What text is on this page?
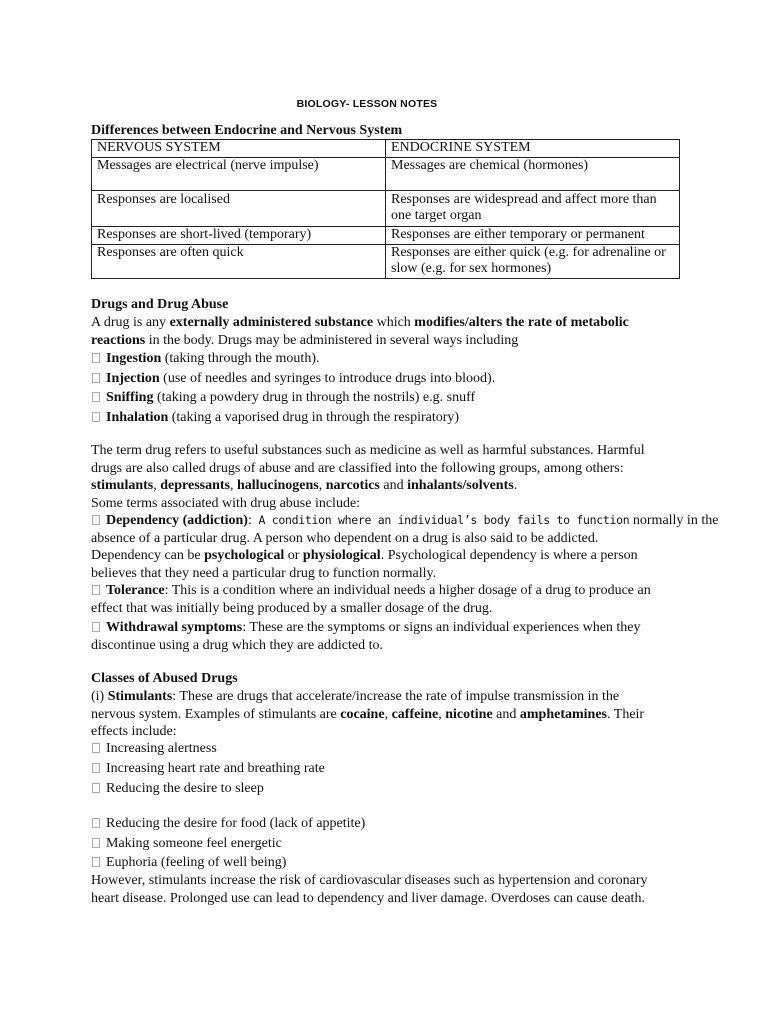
BIOLOGY- LESSON NOTES
Differences between Endocrine and Nervous System
NERVOUS SYSTEM	ENDOCRINE SYSTEM
Messages are electrical (nerve impulse)	Messages are chemical (hormones)
Responses are localised	Responses are widespread and affect more than one target organ
Responses are short-lived (temporary)	Responses are either temporary or permanent
Responses are often quick	Responses are either quick (e.g. for adrenaline or slow (e.g. for sex hormones)
Drugs and Drug Abuse
A drug is any externally administered substance which modifies/alters the rate of metabolic
reactions in the body. Drugs may be administered in several ways including
Ingestion (taking through the mouth).
Injection (use of needles and syringes to introduce drugs into blood).
Sniffing (taking a powdery drug in through the nostrils) e.g. snuff
Inhalation (taking a vaporised drug in through the respiratory)
The term drug refers to useful substances such as medicine as well as harmful substances. Harmful
drugs are also called drugs of abuse and are classified into the following groups, among others:
stimulants, depressants, hallucinogens, narcotics and inhalants/solvents.
Some terms associated with drug abuse include:
Dependency (addiction): A condition where an individual’s body fails to function normally in the
absence of a particular drug. A person who dependent on a drug is also said to be addicted.
Dependency can be psychological or physiological. Psychological dependency is where a person
believes that they need a particular drug to function normally.
Tolerance: This is a condition where an individual needs a higher dosage of a drug to produce an
effect that was initially being produced by a smaller dosage of the drug.
Withdrawal symptoms: These are the symptoms or signs an individual experiences when they
discontinue using a drug which they are addicted to.
Classes of Abused Drugs
(i) Stimulants: These are drugs that accelerate/increase the rate of impulse transmission in the
nervous system. Examples of stimulants are cocaine, caffeine, nicotine and amphetamines. Their
effects include:
Increasing alertness
Increasing heart rate and breathing rate
Reducing the desire to sleep
Reducing the desire for food (lack of appetite)
Making someone feel energetic
Euphoria (feeling of well being)
However, stimulants increase the risk of cardiovascular diseases such as hypertension and coronary
heart disease. Prolonged use can lead to dependency and liver damage. Overdoses can cause death.
